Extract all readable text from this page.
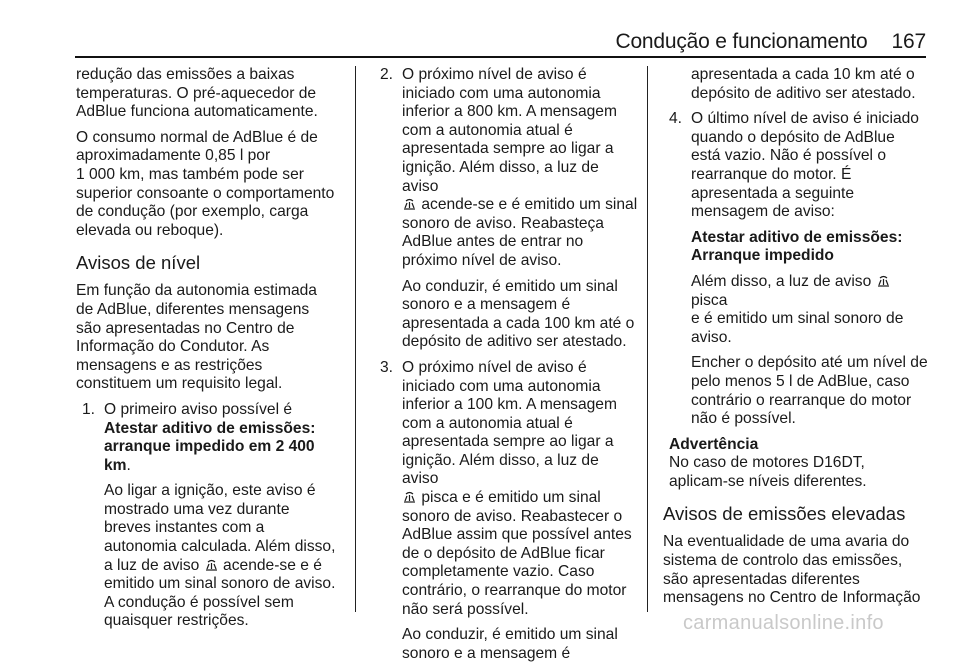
Condução e funcionamento 167

redução das emissões a baixas
temperaturas. O pré-aquecedor de
AdBlue funciona automaticamente.

O consumo normal de AdBlue é de
aproximadamente 0,85 l por
1 000 km, mas também pode ser
superior consoante o comportamento
de condução (por exemplo, carga
elevada ou reboque).

Avisos de nível

Em função da autonomia estimada
de AdBlue, diferentes mensagens
são apresentadas no Centro de
Informação do Condutor. As
mensagens e as restrições
constituem um requisito legal.

1. O primeiro aviso possível é
Atestar aditivo de emissões:
arranque impedido em 2 400 km.

Ao ligar a ignição, este aviso é
mostrado uma vez durante
breves instantes com a
autonomia calculada. Além disso,
a luz de aviso acende-se e é
emitido um sinal sonoro de aviso.
A condução é possível sem
quaisquer restrições.

2. O próximo nível de aviso é
iniciado com uma autonomia
inferior a 800 km. A mensagem
com a autonomia atual é
apresentada sempre ao ligar a
ignição. Além disso, a luz de aviso

acende-se e é emitido um sinal
sonoro de aviso. Reabasteça
AdBlue antes de entrar no
próximo nível de aviso.

Ao conduzir, é emitido um sinal
sonoro e a mensagem é
apresentada a cada 100 km até o
depósito de aditivo ser atestado.

3. O próximo nível de aviso é
iniciado com uma autonomia
inferior a 100 km. A mensagem
com a autonomia atual é
apresentada sempre ao ligar a
ignição. Além disso, a luz de aviso

pisca e é emitido um sinal
sonoro de aviso. Reabastecer o
AdBlue assim que possível antes
de o depósito de AdBlue ficar
completamente vazio. Caso
contrário, o rearranque do motor
não será possível.

Ao conduzir, é emitido um sinal
sonoro e a mensagem é

apresentada a cada 10 km até o
depósito de aditivo ser atestado.

4. O último nível de aviso é iniciado
quando o depósito de AdBlue
está vazio. Não é possível o
rearranque do motor. É
apresentada a seguinte
mensagem de aviso:

Atestar aditivo de emissões:
Arranque impedido

Além disso, a luz de aviso
pisca
e é emitido um sinal sonoro de
aviso.

Encher o depósito até um nível de
pelo menos 5 l de AdBlue, caso
contrário o rearranque do motor
não é possível.

Advertência

No caso de motores D16DT,
aplicam-se níveis diferentes.

Avisos de emissões elevadas

Na eventualidade de uma avaria do
sistema de controlo das emissões,
são apresentadas diferentes
mensagens no Centro de Informação

carmanualsonline.info
